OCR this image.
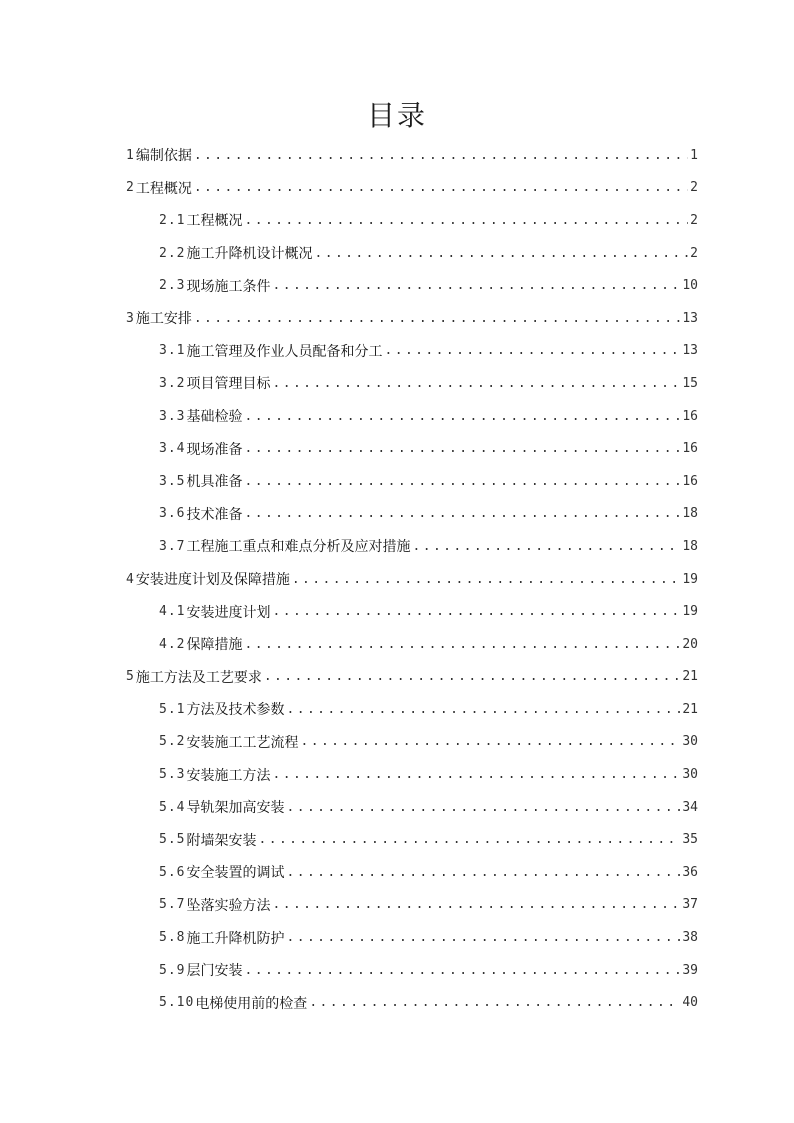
目录
1 编制依据 .....	1
2 工程概况 .....	2
2.1 工程概况 .....	2
2.2 施工升降机设计概况 .....	2
2.3 现场施工条件 .....	10
3 施工安排 .....	13
3.1 施工管理及作业人员配备和分工 .....	13
3.2 项目管理目标 .....	15
3.3 基础检验 .....	16
3.4 现场准备 .....	16
3.5 机具准备 .....	16
3.6 技术准备 .....	18
3.7 工程施工重点和难点分析及应对措施 .....	18
4 安装进度计划及保障措施 .....	19
4.1 安装进度计划 .....	19
4.2 保障措施 .....	20
5 施工方法及工艺要求 .....	21
5.1 方法及技术参数 .....	21
5.2 安装施工工艺流程 .....	30
5.3 安装施工方法 .....	30
5.4 导轨架加高安装 .....	34
5.5 附墙架安装 .....	35
5.6 安全装置的调试 .....	36
5.7 坠落实验方法 .....	37
5.8 施工升降机防护 .....	38
5.9 层门安装 .....	39
5.10 电梯使用前的检查 .....	40
